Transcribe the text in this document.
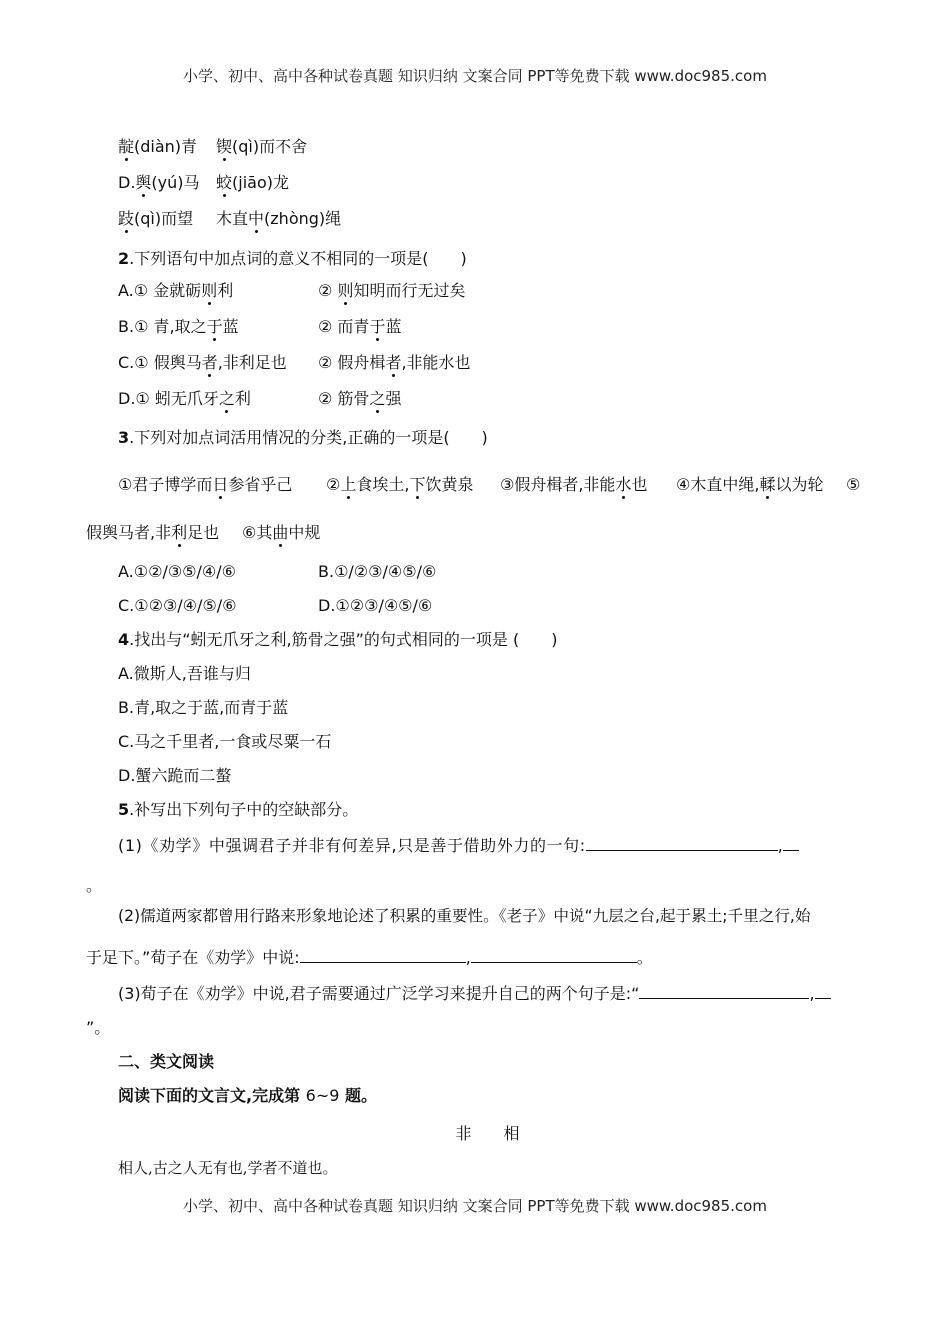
小学、初中、高中各种试卷真题 知识归纳 文案合同 PPT等免费下载 www.doc985.com
靛(diàn)青 锲(qì)而不舍
D.舆(yú)马 蛟(jiāo)龙
跂(qì)而望 木直中(zhòng)绳
2.下列语句中加点词的意义不相同的一项是(　　)
A.① 金就砺则利	② 则知明而行无过矣
B.① 青,取之于蓝	② 而青于蓝
C.① 假舆马者,非利足也 ② 假舟楫者,非能水也
D.① 蚓无爪牙之利	② 筋骨之强
3.下列对加点词活用情况的分类,正确的一项是(　　)
①君子博学而日参省乎己 ②上食埃土,下饮黄泉 ③假舟楫者,非能水也 ④木直中绳,輮以为轮 ⑤
假舆马者,非利足也 ⑥其曲中规
A.①②/③⑤/④/⑥	B.①/②③/④⑤/⑥
C.①②③/④/⑤/⑥	D.①②③/④⑤/⑥
4.找出与“蚓无爪牙之利,筋骨之强”的句式相同的一项是 (　　)
A.微斯人,吾谁与归
B.青,取之于蓝,而青于蓝
C.马之千里者,一食或尽粟一石
D.蟹六跪而二螯
5.补写出下列句子中的空缺部分。
(1)《劝学》中强调君子并非有何差异,只是善于借助外力的一句:	,
。
(2)儒道两家都曾用行路来形象地论述了积累的重要性。《老子》中说“九层之台,起于累土;千里之行,始
于足下。”荀子在《劝学》中说:	,	。
(3)荀子在《劝学》中说,君子需要通过广泛学习来提升自己的两个句子是:“	,
”。
二、类文阅读
阅读下面的文言文,完成第 6~9 题。
非　　相
相人,古之人无有也,学者不道也。
小学、初中、高中各种试卷真题 知识归纳 文案合同 PPT等免费下载 www.doc985.com
